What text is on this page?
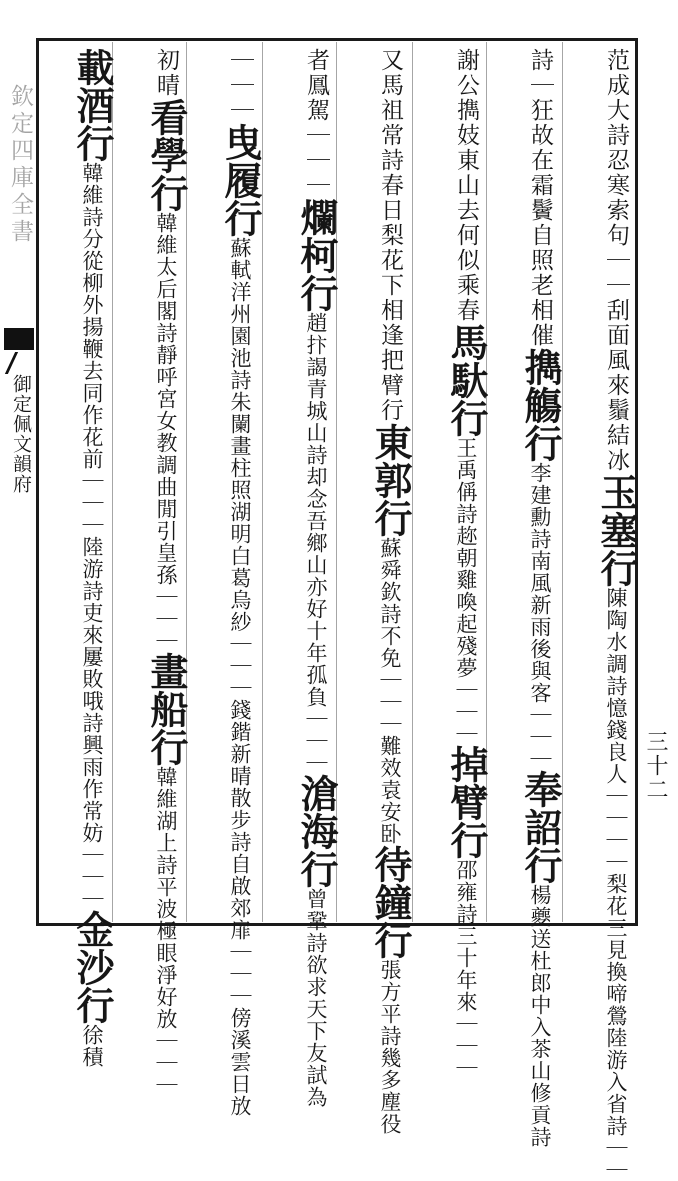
欽定四庫全書
御定佩文韻府	范成大詩忍寒索句｜｜刮面風來鬚結冰玉塞行陳陶水調詩憶錢良人｜｜｜｜梨花三見換啼鶯陸游入省詩｜｜
詩｜狂故在霜鬢自照老相催擕觴行李建勳詩南風新雨後與客｜｜｜奉詔行楊夔送杜郎中入茶山修貢詩
謝公擕妓東山去何似乘春馬馱行王禹偁詩趂朝雞喚起殘夢｜｜｜掉臂行邵雍詩三十年來｜｜｜
又馬祖常詩春日梨花下相逢把臂行東郭行蘇舜欽詩不免｜｜｜難效袁安卧待鐘行張方平詩幾多塵役
者鳳駕｜｜｜爛柯行趙抃謁青城山詩却念吾鄉山亦好十年孤負｜｜｜滄海行曾鞏詩欲求天下友試為
｜｜｜曳履行蘇軾洋州園池詩朱闌畫柱照湖明白葛烏紗｜｜｜錢鍇新晴散步詩自啟郊扉｜｜｜傍溪雲日放
初晴看學行韓維太后閣詩靜呼宮女教調曲閒引皇孫｜｜｜畫船行韓維湖上詩平波極眼淨好放｜｜｜
載酒行韓維詩分從柳外揚鞭去同作花前｜｜｜陸游詩吏來屢敗哦詩興雨作常妨｜｜｜金沙行徐積
三十二
